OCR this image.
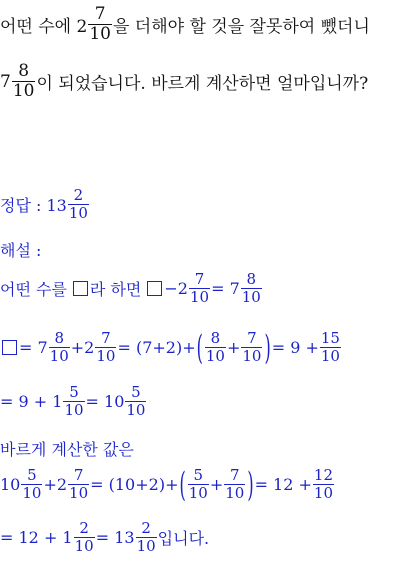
어떤 수에 $2 \frac{7}{10}$ 을 더해야 할 것을 잘못하여 뺐더니
$7 \frac{8}{10}$ 이 되었습니다. 바르게 계산하면 얼마입니까?
정답 : $13 \frac{2}{10}$
해설 :
어떤 수를 라 하면 $-2 \frac{7}{10} = 7 \frac{8}{10}$
= $7 \frac{8}{10} +2 \frac{7}{10} = (7+2)+$ ( $\frac{8}{10} + \frac{7}{10}$ ) = $9 + \frac{15}{10}$
= $9 + 1 \frac{5}{10} = 10 \frac{5}{10}$
바르게 계산한 값은
$10 \frac{5}{10} +2 \frac{7}{10} = (10+2)+$ ( $\frac{5}{10} + \frac{7}{10}$ ) = $12 + \frac{12}{10}$
= $12 + 1 \frac{2}{10} = 13 \frac{2}{10}$ 입니다.
